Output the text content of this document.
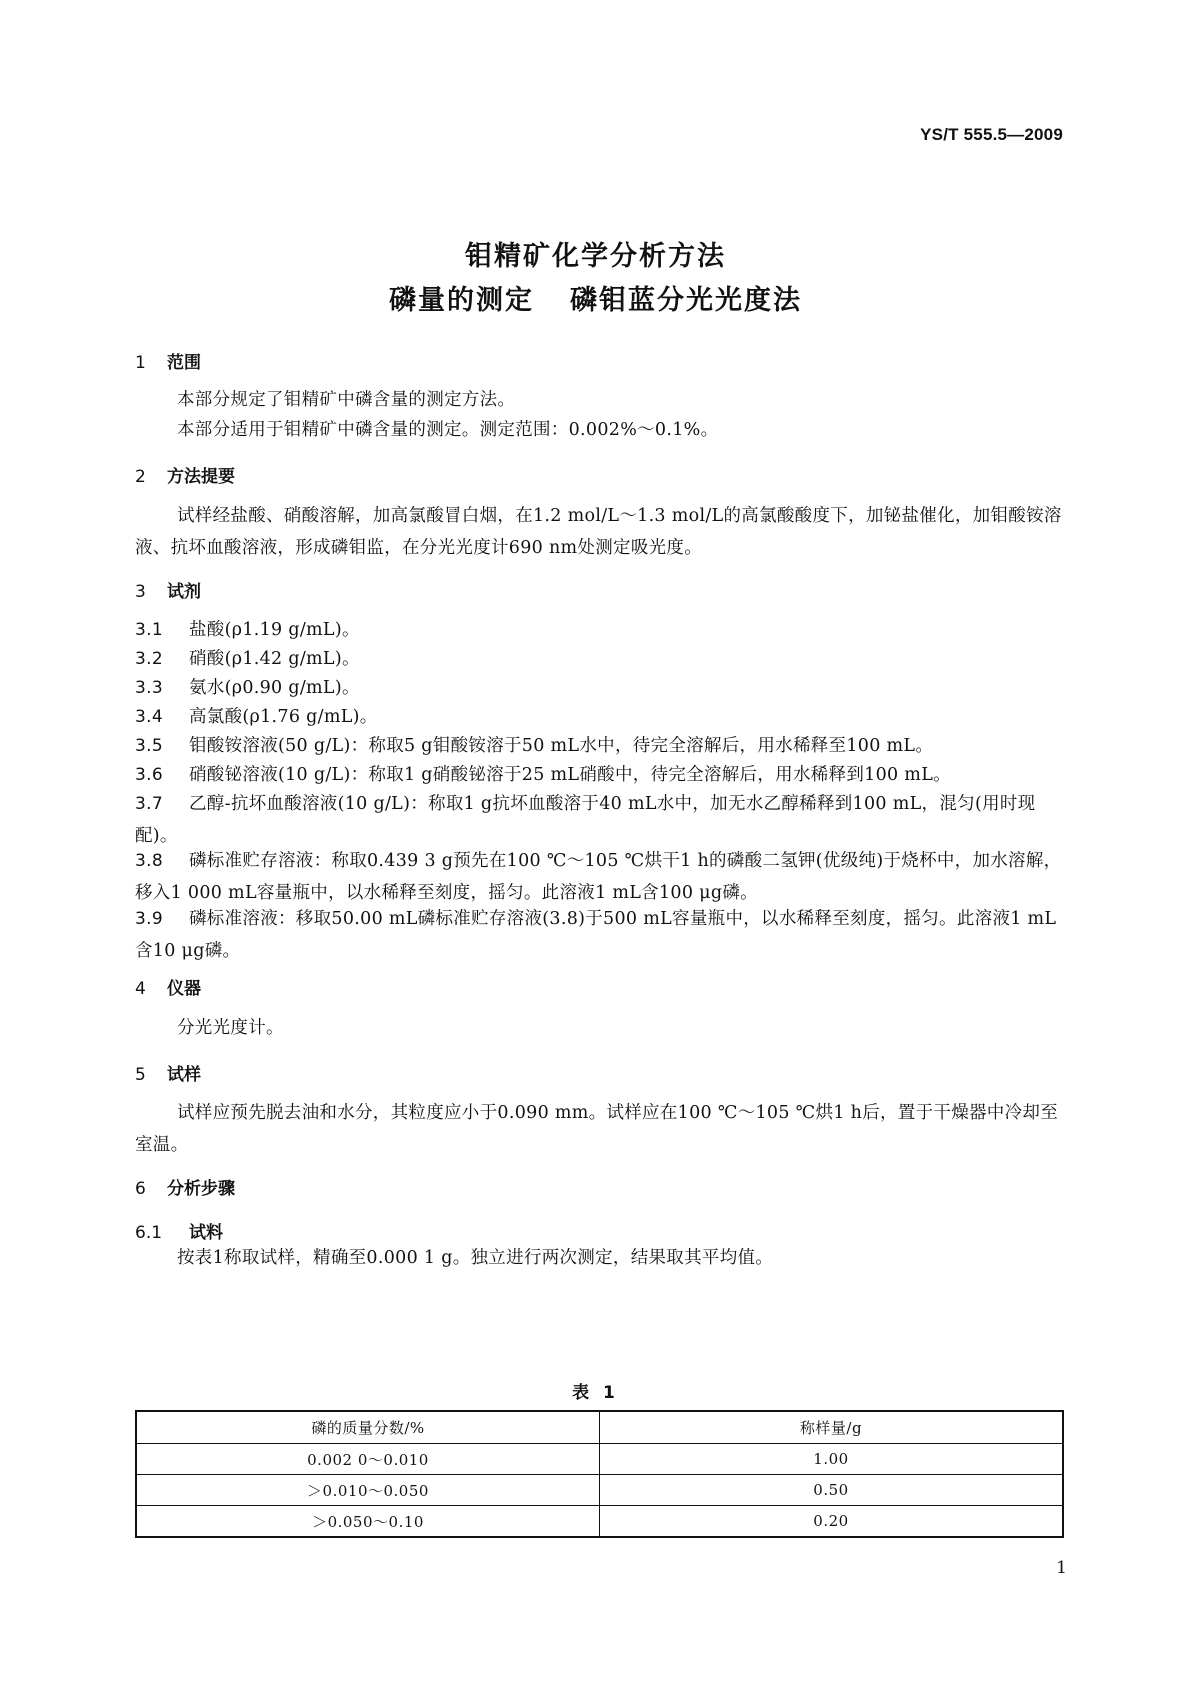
YS/T 555.5—2009
钼精矿化学分析方法
磷量的测定 磷钼蓝分光光度法
1 范围
本部分规定了钼精矿中磷含量的测定方法。
本部分适用于钼精矿中磷含量的测定。测定范围：0.002%～0.1%。
2 方法提要
试样经盐酸、硝酸溶解，加高氯酸冒白烟，在1.2 mol/L～1.3 mol/L的高氯酸酸度下，加铋盐催化，加钼酸铵溶液、抗坏血酸溶液，形成磷钼监，在分光光度计690 nm处测定吸光度。
3 试剂
3.1 盐酸(ρ1.19 g/mL)。
3.2 硝酸(ρ1.42 g/mL)。
3.3 氨水(ρ0.90 g/mL)。
3.4 高氯酸(ρ1.76 g/mL)。
3.5 钼酸铵溶液(50 g/L)：称取5 g钼酸铵溶于50 mL水中，待完全溶解后，用水稀释至100 mL。
3.6 硝酸铋溶液(10 g/L)：称取1 g硝酸铋溶于25 mL硝酸中，待完全溶解后，用水稀释到100 mL。
3.7 乙醇-抗坏血酸溶液(10 g/L)：称取1 g抗坏血酸溶于40 mL水中，加无水乙醇稀释到100 mL，混匀(用时现配)。
3.8 磷标准贮存溶液：称取0.439 3 g预先在100 ℃～105 ℃烘干1 h的磷酸二氢钾(优级纯)于烧杯中，加水溶解，移入1 000 mL容量瓶中，以水稀释至刻度，摇匀。此溶液1 mL含100 μg磷。
3.9 磷标准溶液：移取50.00 mL磷标准贮存溶液(3.8)于500 mL容量瓶中，以水稀释至刻度，摇匀。此溶液1 mL含10 μg磷。
4 仪器
分光光度计。
5 试样
试样应预先脱去油和水分，其粒度应小于0.090 mm。试样应在100 ℃～105 ℃烘1 h后，置于干燥器中冷却至室温。
6 分析步骤
6.1 试料
按表1称取试样，精确至0.000 1 g。独立进行两次测定，结果取其平均值。
表 1
磷的质量分数/%	称样量/g
0.002 0～0.010	1.00
＞0.010～0.050	0.50
＞0.050～0.10	0.20
1
